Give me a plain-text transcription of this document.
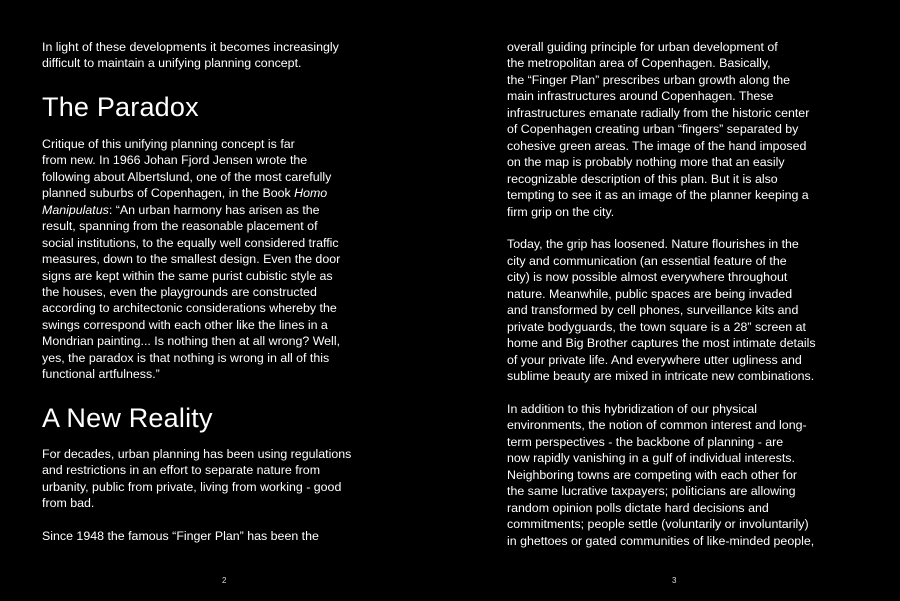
In light of these developments it becomes increasingly
difficult to maintain a unifying planning concept.

The Paradox

Critique of this unifying planning concept is far
from new. In 1966 Johan Fjord Jensen wrote the
following about Albertslund, one of the most carefully
planned suburbs of Copenhagen, in the Book Homo
Manipulatus: “An urban harmony has arisen as the
result, spanning from the reasonable placement of
social institutions, to the equally well considered traffic
measures, down to the smallest design. Even the door
signs are kept within the same purist cubistic style as
the houses, even the playgrounds are constructed
according to architectonic considerations whereby the
swings correspond with each other like the lines in a
Mondrian painting... Is nothing then at all wrong? Well,
yes, the paradox is that nothing is wrong in all of this
functional artfulness.”

A New Reality

For decades, urban planning has been using regulations
and restrictions in an effort to separate nature from
urbanity, public from private, living from working - good
from bad.

Since 1948 the famous “Finger Plan” has been the

2

overall guiding principle for urban development of
the metropolitan area of Copenhagen. Basically,
the “Finger Plan” prescribes urban growth along the
main infrastructures around Copenhagen. These
infrastructures emanate radially from the historic center
of Copenhagen creating urban “fingers” separated by
cohesive green areas. The image of the hand imposed
on the map is probably nothing more that an easily
recognizable description of this plan. But it is also
tempting to see it as an image of the planner keeping a
firm grip on the city.

Today, the grip has loosened. Nature flourishes in the
city and communication (an essential feature of the
city) is now possible almost everywhere throughout
nature. Meanwhile, public spaces are being invaded
and transformed by cell phones, surveillance kits and
private bodyguards, the town square is a 28” screen at
home and Big Brother captures the most intimate details
of your private life. And everywhere utter ugliness and
sublime beauty are mixed in intricate new combinations.

In addition to this hybridization of our physical
environments, the notion of common interest and long-
term perspectives - the backbone of planning - are
now rapidly vanishing in a gulf of individual interests.
Neighboring towns are competing with each other for
the same lucrative taxpayers; politicians are allowing
random opinion polls dictate hard decisions and
commitments; people settle (voluntarily or involuntarily)
in ghettoes or gated communities of like-minded people,

3
